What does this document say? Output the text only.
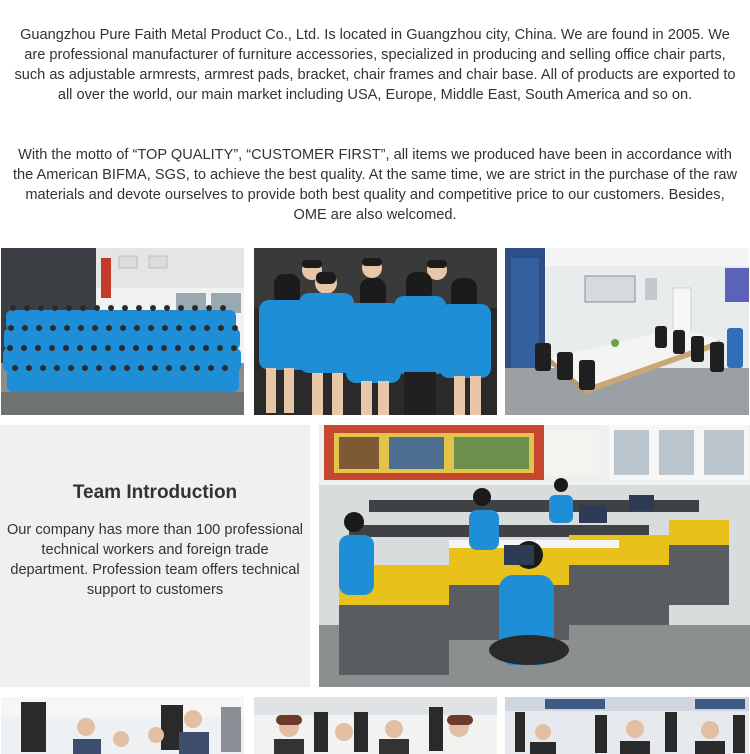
Guangzhou Pure Faith Metal Product Co., Ltd. Is located in Guangzhou city, China. We are found in 2005. We are professional manufacturer of furniture accessories, specialized in producing and selling office chair parts, such as adjustable armrests, armrest pads, bracket, chair frames and chair base. All of products are exported to all over the world, our main market including USA, Europe, Middle East, South America and so on.

With the motto of “TOP QUALITY”, “CUSTOMER FIRST”, all items we produced have been in accordance with the American BIFMA, SGS, to achieve the best quality. At the same time, we are strict in the purchase of the raw materials and devote ourselves to provide both best quality and competitive price to our customers. Besides, OME are also welcomed.

Team Introduction

Our company has more than 100 professional technical workers and foreign trade department. Profession team offers technical support to customers
